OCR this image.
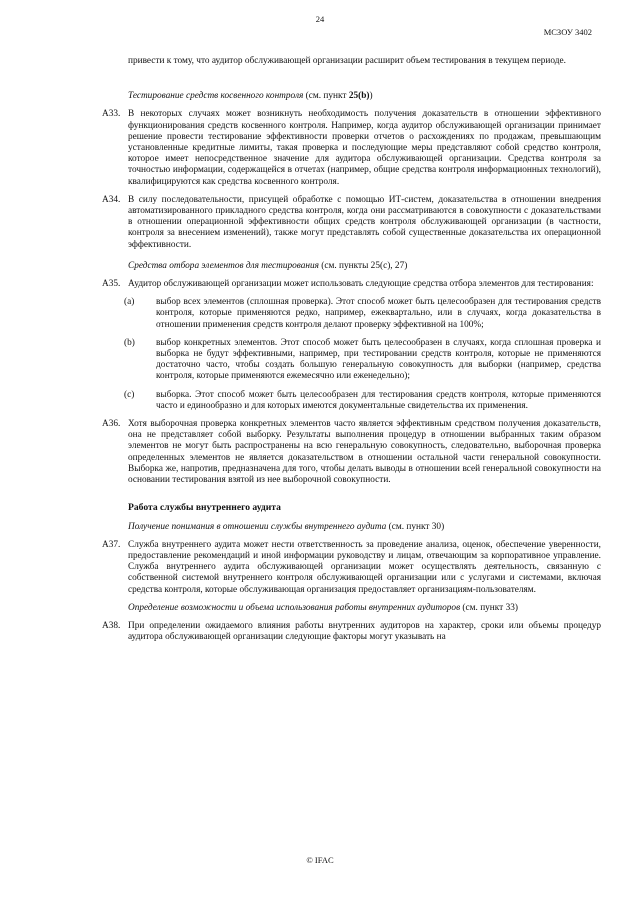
24
МСЗОУ 3402

привести к тому, что аудитор обслуживающей организации расширит объем тестирования в текущем периоде.

Тестирование средств косвенного контроля (см. пункт 25(b))

A33. В некоторых случаях может возникнуть необходимость получения доказательств в отношении эффективного функционирования средств косвенного контроля. Например, когда аудитор обслуживающей организации принимает решение провести тестирование эффективности проверки отчетов о расхождениях по продажам, превышающим установленные кредитные лимиты, такая проверка и последующие меры представляют собой средство контроля, которое имеет непосредственное значение для аудитора обслуживающей организации. Средства контроля за точностью информации, содержащейся в отчетах (например, общие средства контроля информационных технологий), квалифицируются как средства косвенного контроля.

A34. В силу последовательности, присущей обработке с помощью ИТ-систем, доказательства в отношении внедрения автоматизированного прикладного средства контроля, когда они рассматриваются в совокупности с доказательствами в отношении операционной эффективности общих средств контроля обслуживающей организации (в частности, контроля за внесением изменений), также могут представлять собой существенные доказательства их операционной эффективности.

Средства отбора элементов для тестирования (см. пункты 25(c), 27)

A35. Аудитор обслуживающей организации может использовать следующие средства отбора элементов для тестирования:

(a) выбор всех элементов (сплошная проверка). Этот способ может быть целесообразен для тестирования средств контроля, которые применяются редко, например, ежеквартально, или в случаях, когда доказательства в отношении применения средств контроля делают проверку эффективной на 100%;

(b) выбор конкретных элементов. Этот способ может быть целесообразен в случаях, когда сплошная проверка и выборка не будут эффективными, например, при тестировании средств контроля, которые не применяются достаточно часто, чтобы создать большую генеральную совокупность для выборки (например, средства контроля, которые применяются ежемесячно или еженедельно);

(c) выборка. Этот способ может быть целесообразен для тестирования средств контроля, которые применяются часто и единообразно и для которых имеются документальные свидетельства их применения.

A36. Хотя выборочная проверка конкретных элементов часто является эффективным средством получения доказательств, она не представляет собой выборку. Результаты выполнения процедур в отношении выбранных таким образом элементов не могут быть распространены на всю генеральную совокупность, следовательно, выборочная проверка определенных элементов не является доказательством в отношении остальной части генеральной совокупности. Выборка же, напротив, предназначена для того, чтобы делать выводы в отношении всей генеральной совокупности на основании тестирования взятой из нее выборочной совокупности.

Работа службы внутреннего аудита

Получение понимания в отношении службы внутреннего аудита (см. пункт 30)

A37. Служба внутреннего аудита может нести ответственность за проведение анализа, оценок, обеспечение уверенности, предоставление рекомендаций и иной информации руководству и лицам, отвечающим за корпоративное управление. Служба внутреннего аудита обслуживающей организации может осуществлять деятельность, связанную с собственной системой внутреннего контроля обслуживающей организации или с услугами и системами, включая средства контроля, которые обслуживающая организация предоставляет организациям-пользователям.

Определение возможности и объема использования работы внутренних аудиторов (см. пункт 33)

A38. При определении ожидаемого влияния работы внутренних аудиторов на характер, сроки или объемы процедур аудитора обслуживающей организации следующие факторы могут указывать на

© IFAC
